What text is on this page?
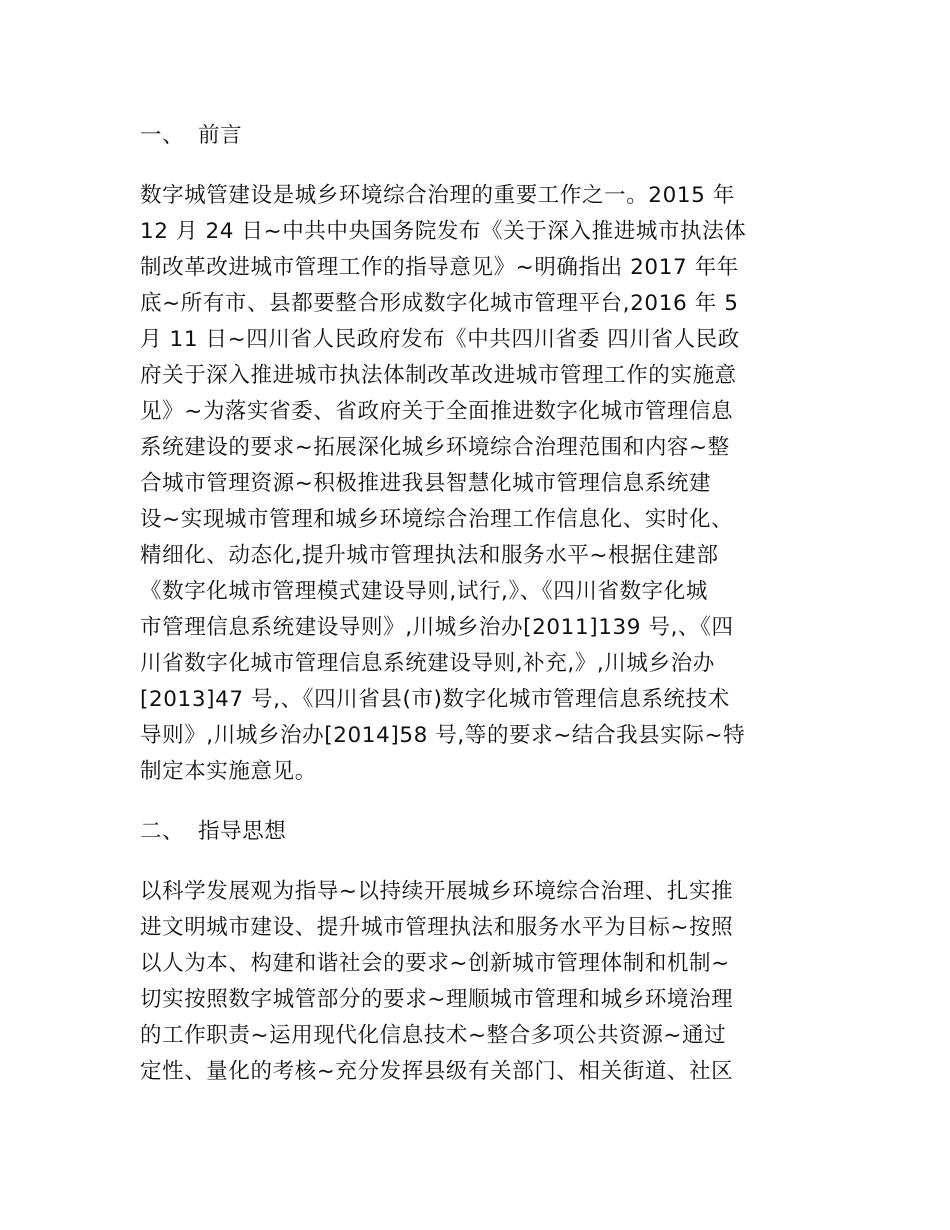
一、 前言
数字城管建设是城乡环境综合治理的重要工作之一。2015 年
12 月 24 日~中共中央国务院发布《关于深入推进城市执法体
制改革改进城市管理工作的指导意见》~明确指出 2017 年年
底~所有市、县都要整合形成数字化城市管理平台,2016 年 5
月 11 日~四川省人民政府发布《中共四川省委 四川省人民政
府关于深入推进城市执法体制改革改进城市管理工作的实施意
见》~为落实省委、省政府关于全面推进数字化城市管理信息
系统建设的要求~拓展深化城乡环境综合治理范围和内容~整
合城市管理资源~积极推进我县智慧化城市管理信息系统建
设~实现城市管理和城乡环境综合治理工作信息化、实时化、
精细化、动态化,提升城市管理执法和服务水平~根据住建部
《数字化城市管理模式建设导则,试行,》、《四川省数字化城
市管理信息系统建设导则》,川城乡治办[2011]139 号,、《四
川省数字化城市管理信息系统建设导则,补充,》,川城乡治办
[2013]47 号,、《四川省县(市)数字化城市管理信息系统技术
导则》,川城乡治办[2014]58 号,等的要求~结合我县实际~特
制定本实施意见。
二、 指导思想
以科学发展观为指导~以持续开展城乡环境综合治理、扎实推
进文明城市建设、提升城市管理执法和服务水平为目标~按照
以人为本、构建和谐社会的要求~创新城市管理体制和机制~
切实按照数字城管部分的要求~理顺城市管理和城乡环境治理
的工作职责~运用现代化信息技术~整合多项公共资源~通过
定性、量化的考核~充分发挥县级有关部门、相关街道、社区
